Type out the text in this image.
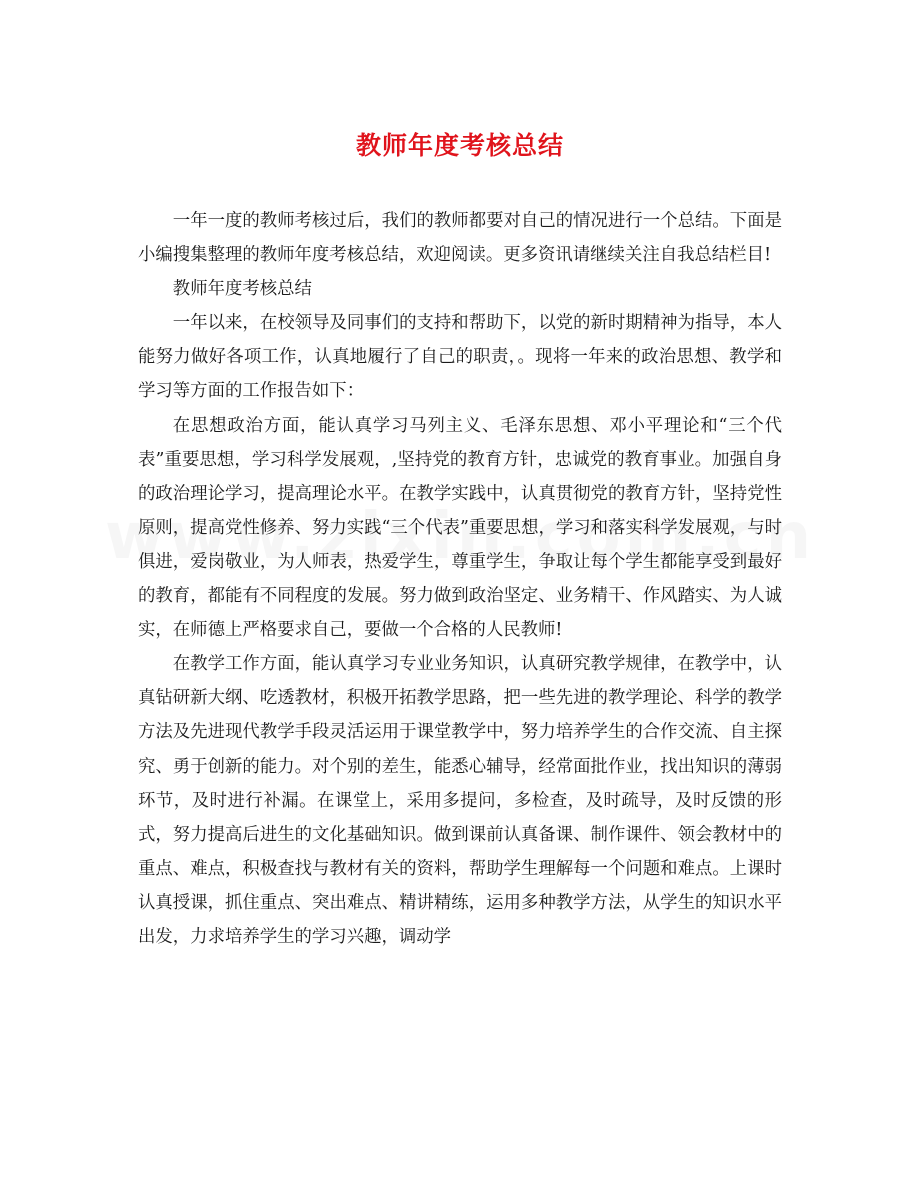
教师年度考核总结

一年一度的教师考核过后，我们的教师都要对自己的情况进行一个总结。下面是小编搜集整理的教师年度考核总结，欢迎阅读。更多资讯请继续关注自我总结栏目!

教师年度考核总结

一年以来，在校领导及同事们的支持和帮助下，以党的新时期精神为指导，本人能努力做好各项工作，认真地履行了自己的职责，。现将一年来的政治思想、教学和学习等方面的工作报告如下：

在思想政治方面，能认真学习马列主义、毛泽东思想、邓小平理论和“三个代表”重要思想，学习科学发展观，,坚持党的教育方针，忠诚党的教育事业。加强自身的政治理论学习，提高理论水平。在教学实践中，认真贯彻党的教育方针，坚持党性原则，提高党性修养、努力实践“三个代表”重要思想，学习和落实科学发展观，与时俱进，爱岗敬业，为人师表，热爱学生，尊重学生，争取让每个学生都能享受到最好的教育，都能有不同程度的发展。努力做到政治坚定、业务精干、作风踏实、为人诚实，在师德上严格要求自己，要做一个合格的人民教师!

在教学工作方面，能认真学习专业业务知识，认真研究教学规律，在教学中，认真钻研新大纲、吃透教材，积极开拓教学思路，把一些先进的教学理论、科学的教学方法及先进现代教学手段灵活运用于课堂教学中，努力培养学生的合作交流、自主探究、勇于创新的能力。对个别的差生，能悉心辅导，经常面批作业，找出知识的薄弱环节，及时进行补漏。在课堂上，采用多提问，多检查，及时疏导，及时反馈的形式，努力提高后进生的文化基础知识。做到课前认真备课、制作课件、领会教材中的重点、难点，积极查找与教材有关的资料，帮助学生理解每一个问题和难点。上课时认真授课，抓住重点、突出难点、精讲精练，运用多种教学方法，从学生的知识水平出发，力求培养学生的学习兴趣，调动学
